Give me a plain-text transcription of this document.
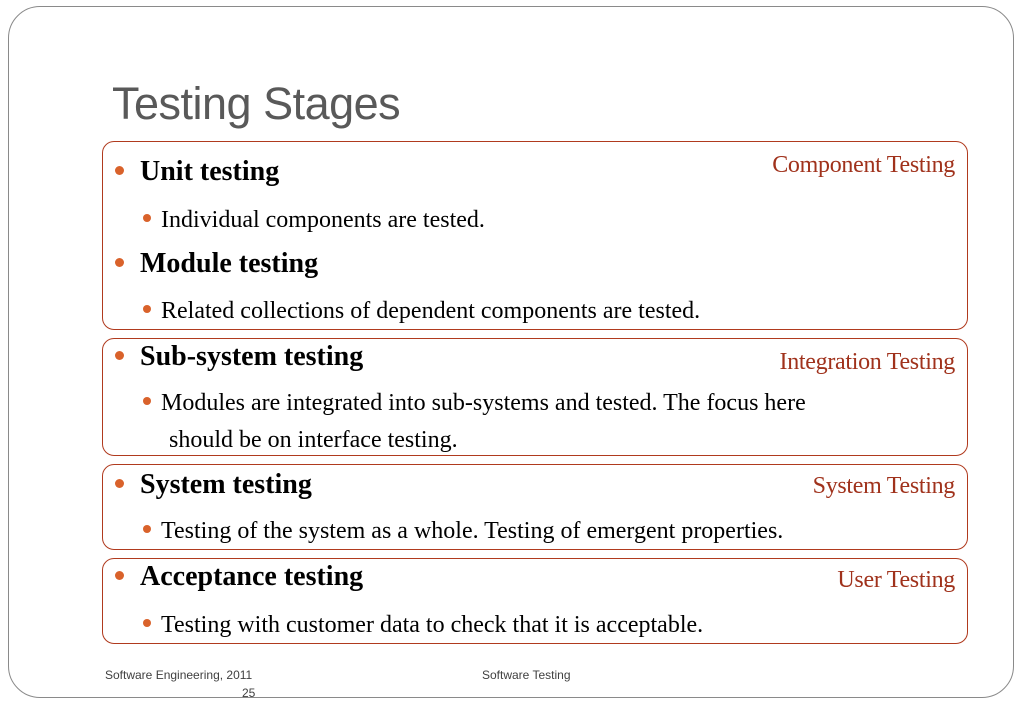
Testing Stages
Component Testing
Unit testing
Individual components are tested.
Module testing
Related collections of dependent components are tested.
Integration Testing
Sub-system testing
Modules are integrated into sub-systems and tested. The focus here
should be on interface testing.
System Testing
System testing
Testing of the system as a whole. Testing of emergent properties.
User Testing
Acceptance testing
Testing with customer data to check that it is acceptable.
Software Engineering, 2011	Software Testing
25
